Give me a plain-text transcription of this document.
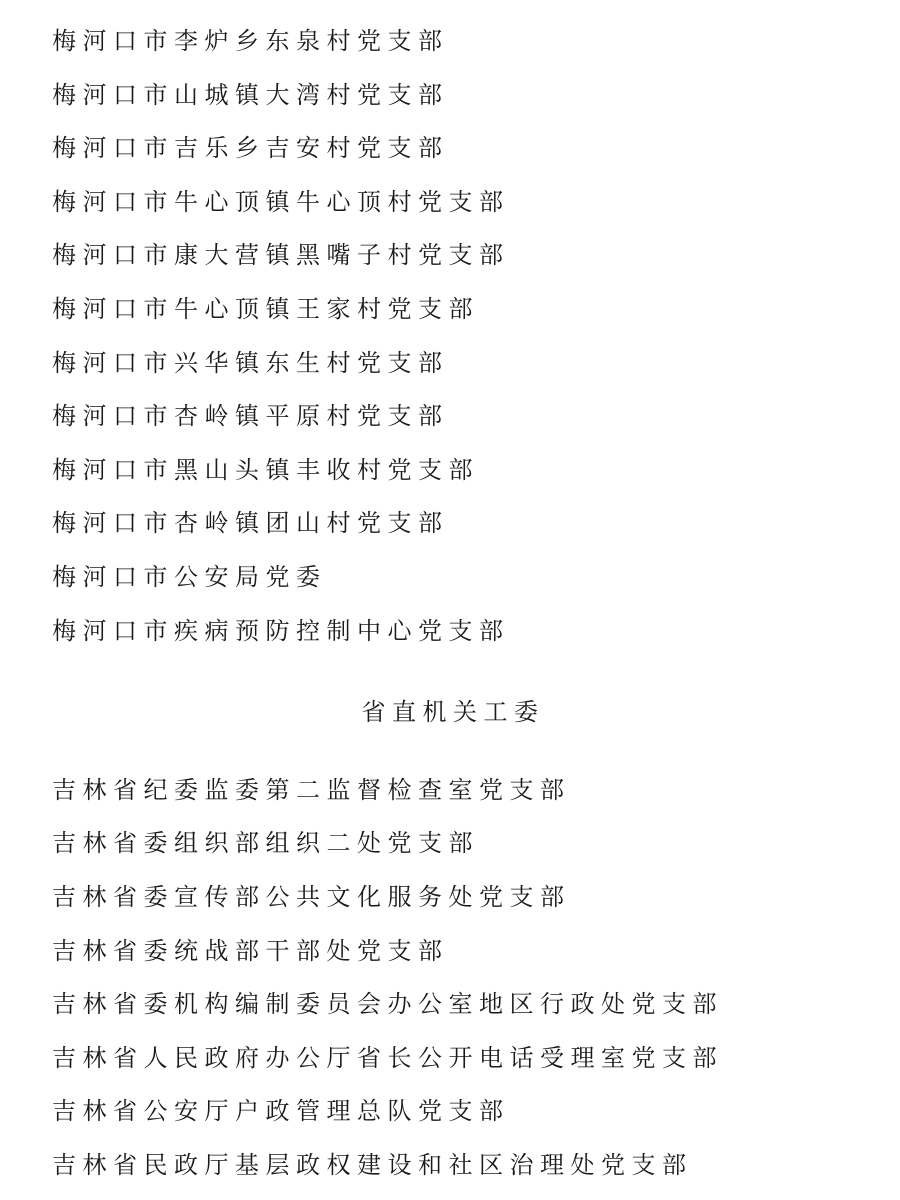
梅河口市李炉乡东泉村党支部
梅河口市山城镇大湾村党支部
梅河口市吉乐乡吉安村党支部
梅河口市牛心顶镇牛心顶村党支部
梅河口市康大营镇黑嘴子村党支部
梅河口市牛心顶镇王家村党支部
梅河口市兴华镇东生村党支部
梅河口市杏岭镇平原村党支部
梅河口市黑山头镇丰收村党支部
梅河口市杏岭镇团山村党支部
梅河口市公安局党委
梅河口市疾病预防控制中心党支部
省直机关工委
吉林省纪委监委第二监督检查室党支部
吉林省委组织部组织二处党支部
吉林省委宣传部公共文化服务处党支部
吉林省委统战部干部处党支部
吉林省委机构编制委员会办公室地区行政处党支部
吉林省人民政府办公厅省长公开电话受理室党支部
吉林省公安厅户政管理总队党支部
吉林省民政厅基层政权建设和社区治理处党支部
